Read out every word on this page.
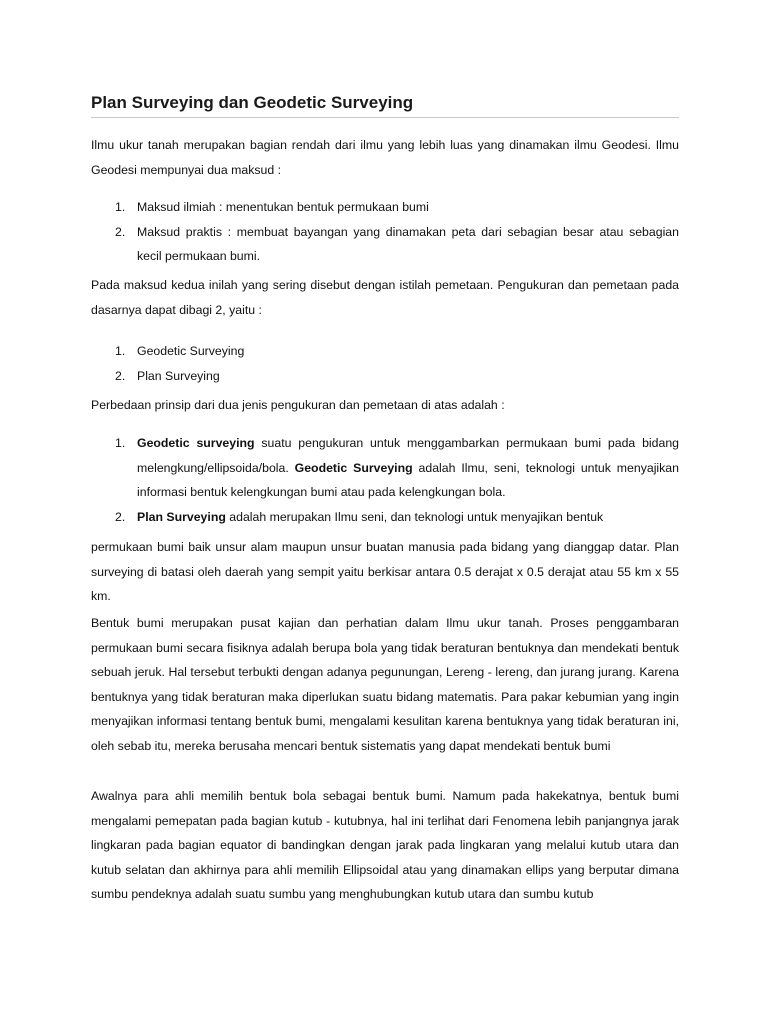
Plan Surveying dan Geodetic Surveying

Ilmu ukur tanah merupakan bagian rendah dari ilmu yang lebih luas yang dinamakan ilmu Geodesi. Ilmu Geodesi mempunyai dua maksud :

1. Maksud ilmiah : menentukan bentuk permukaan bumi
2. Maksud praktis : membuat bayangan yang dinamakan peta dari sebagian besar atau sebagian kecil permukaan bumi.

Pada maksud kedua inilah yang sering disebut dengan istilah pemetaan. Pengukuran dan pemetaan pada dasarnya dapat dibagi 2, yaitu :

1. Geodetic Surveying
2. Plan Surveying

Perbedaan prinsip dari dua jenis pengukuran dan pemetaan di atas adalah :

1. Geodetic surveying suatu pengukuran untuk menggambarkan permukaan bumi pada bidang melengkung/ellipsoida/bola. Geodetic Surveying adalah Ilmu, seni, teknologi untuk menyajikan informasi bentuk kelengkungan bumi atau pada kelengkungan bola.
2. Plan Surveying adalah merupakan Ilmu seni, dan teknologi untuk menyajikan bentuk

permukaan bumi baik unsur alam maupun unsur buatan manusia pada bidang yang dianggap datar. Plan surveying di batasi oleh daerah yang sempit yaitu berkisar antara 0.5 derajat x 0.5 derajat atau 55 km x 55 km.

Bentuk bumi merupakan pusat kajian dan perhatian dalam Ilmu ukur tanah. Proses penggambaran permukaan bumi secara fisiknya adalah berupa bola yang tidak beraturan bentuknya dan mendekati bentuk sebuah jeruk. Hal tersebut terbukti dengan adanya pegunungan, Lereng - lereng, dan jurang jurang. Karena bentuknya yang tidak beraturan maka diperlukan suatu bidang matematis. Para pakar kebumian yang ingin menyajikan informasi tentang bentuk bumi, mengalami kesulitan karena bentuknya yang tidak beraturan ini, oleh sebab itu, mereka berusaha mencari bentuk sistematis yang dapat mendekati bentuk bumi

Awalnya para ahli memilih bentuk bola sebagai bentuk bumi. Namum pada hakekatnya, bentuk bumi mengalami pemepatan pada bagian kutub - kutubnya, hal ini terlihat dari Fenomena lebih panjangnya jarak lingkaran pada bagian equator di bandingkan dengan jarak pada lingkaran yang melalui kutub utara dan kutub selatan dan akhirnya para ahli memilih Ellipsoidal atau yang dinamakan ellips yang berputar dimana sumbu pendeknya adalah suatu sumbu yang menghubungkan kutub utara dan sumbu kutub
